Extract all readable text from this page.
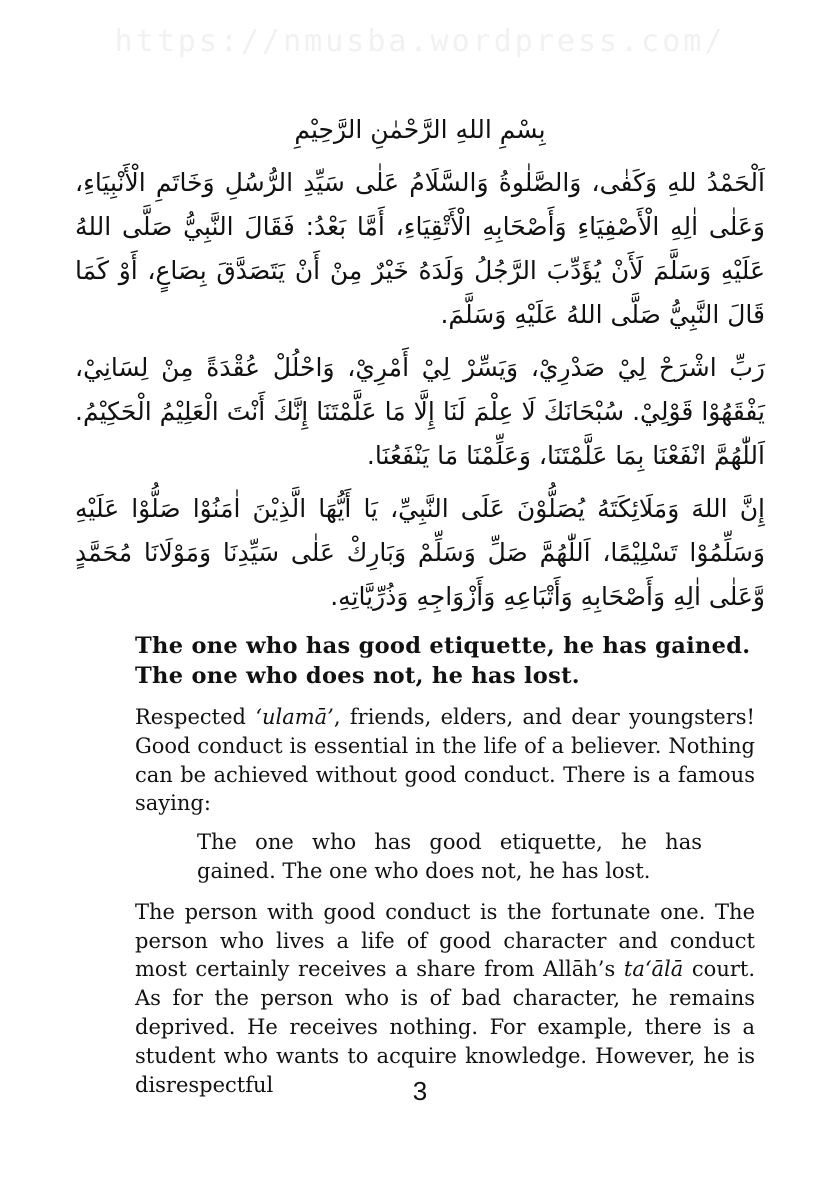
https://nmusba.wordpress.com/
بِسْمِ اللهِ الرَّحْمٰنِ الرَّحِيْمِ

اَلْحَمْدُ للهِ وَكَفٰى، وَالصَّلٰوةُ وَالسَّلَامُ عَلٰى سَيِّدِ الرُّسُلِ وَخَاتَمِ الْأَنْبِيَاءِ، وَعَلٰى اٰلِهِ الْأَصْفِيَاءِ وَأَصْحَابِهِ الْأَتْقِيَاءِ، أَمَّا بَعْدُ: فَقَالَ النَّبِيُّ صَلَّى اللهُ عَلَيْهِ وَسَلَّمَ لَأَنْ يُؤَدِّبَ الرَّجُلُ وَلَدَهُ خَيْرٌ مِنْ أَنْ يَتَصَدَّقَ بِصَاعٍ، أَوْ كَمَا قَالَ النَّبِيُّ صَلَّى اللهُ عَلَيْهِ وَسَلَّمَ.

رَبِّ اشْرَحْ لِيْ صَدْرِيْ، وَيَسِّرْ لِيْ أَمْرِيْ، وَاحْلُلْ عُقْدَةً مِنْ لِسَانِيْ، يَفْقَهُوْا قَوْلِيْ. سُبْحَانَكَ لَا عِلْمَ لَنَا إِلَّا مَا عَلَّمْتَنَا إِنَّكَ أَنْتَ الْعَلِيْمُ الْحَكِيْمُ. اَللّٰهُمَّ انْفَعْنَا بِمَا عَلَّمْتَنَا، وَعَلِّمْنَا مَا يَنْفَعُنَا.

إِنَّ اللهَ وَمَلَائِكَتَهُ يُصَلُّوْنَ عَلَى النَّبِيِّ، يَا أَيُّهَا الَّذِيْنَ اٰمَنُوْا صَلُّوْا عَلَيْهِ وَسَلِّمُوْا تَسْلِيْمًا، اَللّٰهُمَّ صَلِّ وَسَلِّمْ وَبَارِكْ عَلٰى سَيِّدِنَا وَمَوْلَانَا مُحَمَّدٍ وَّعَلٰى اٰلِهِ وَأَصْحَابِهِ وَأَتْبَاعِهِ وَأَزْوَاجِهِ وَذُرِّيَّاتِهِ.

The one who has good etiquette, he has gained.
The one who does not, he has lost.

Respected ‘ulamā’, friends, elders, and dear youngsters! Good conduct is essential in the life of a believer. Nothing can be achieved without good conduct. There is a famous saying:

The one who has good etiquette, he has gained. The one who does not, he has lost.

The person with good conduct is the fortunate one. The person who lives a life of good character and conduct most certainly receives a share from Allāh’s ta‘ālā court. As for the person who is of bad character, he remains deprived. He receives nothing. For example, there is a student who wants to acquire knowledge. However, he is disrespectful	3
